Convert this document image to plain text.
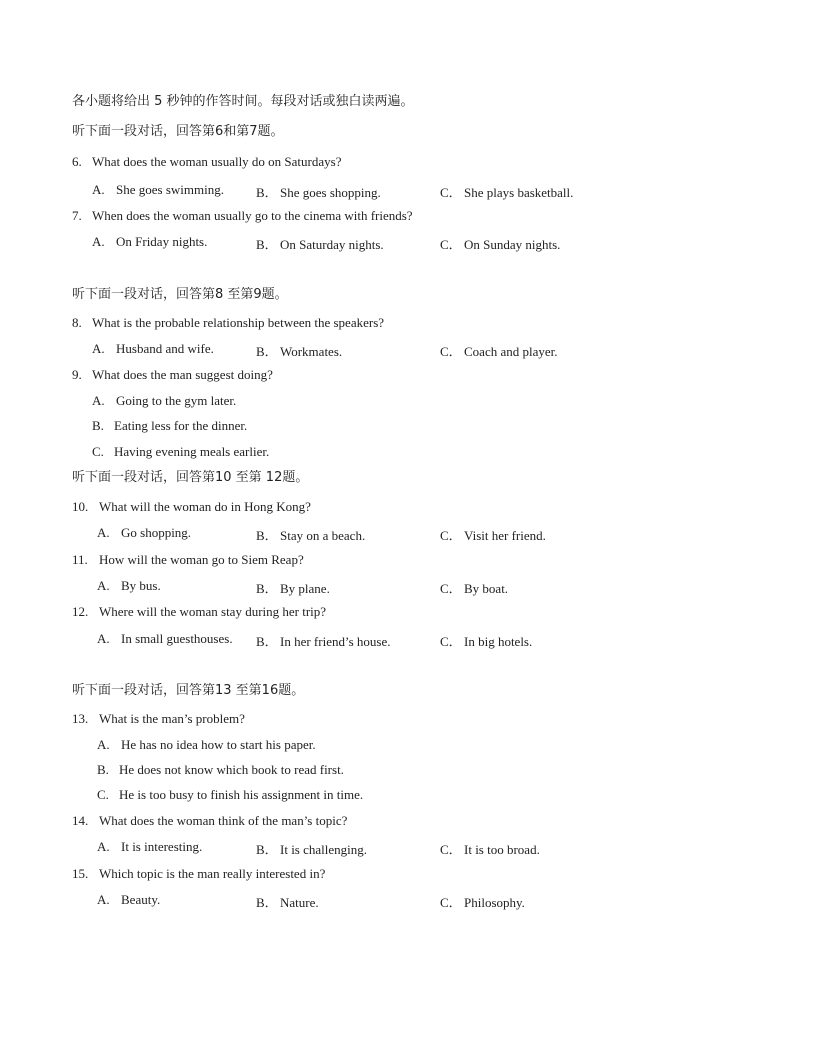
各小题将给出 5 秒钟的作答时间。每段对话或独白读两遍。
听下面一段对话，回答第6和第7题。
6. What does the woman usually do on Saturdays?
A. She goes swimming. B． She goes shopping.	C． She plays basketball.
7. When does the woman usually go to the cinema with friends?
A. On Friday nights.	B． On Saturday nights.	C． On Sunday nights.
听下面一段对话，回答第8 至第9题。
8. What is the probable relationship between the speakers?
A. Husband and wife.	B． Workmates.	C． Coach and player.
9. What does the man suggest doing?
A. Going to the gym later.
B. Eating less for the dinner.
C. Having evening meals earlier.
听下面一段对话，回答第10 至第 12题。
10. What will the woman do in Hong Kong?
A. Go shopping.	B． Stay on a beach.	C． Visit her friend.
11. How will the woman go to Siem Reap?
A. By bus.	B． By plane.	C． By boat.
12. Where will the woman stay during her trip?
A. In small guesthouses. B． In her friend’s house.	C． In big hotels.
听下面一段对话，回答第13 至第16题。
13. What is the man’s problem?
A. He has no idea how to start his paper.
B. He does not know which book to read first.
C. He is too busy to finish his assignment in time.
14. What does the woman think of the man’s topic?
A. It is interesting.	B． It is challenging.	C． It is too broad.
15. Which topic is the man really interested in?
A. Beauty.	B． Nature.	C． Philosophy.
